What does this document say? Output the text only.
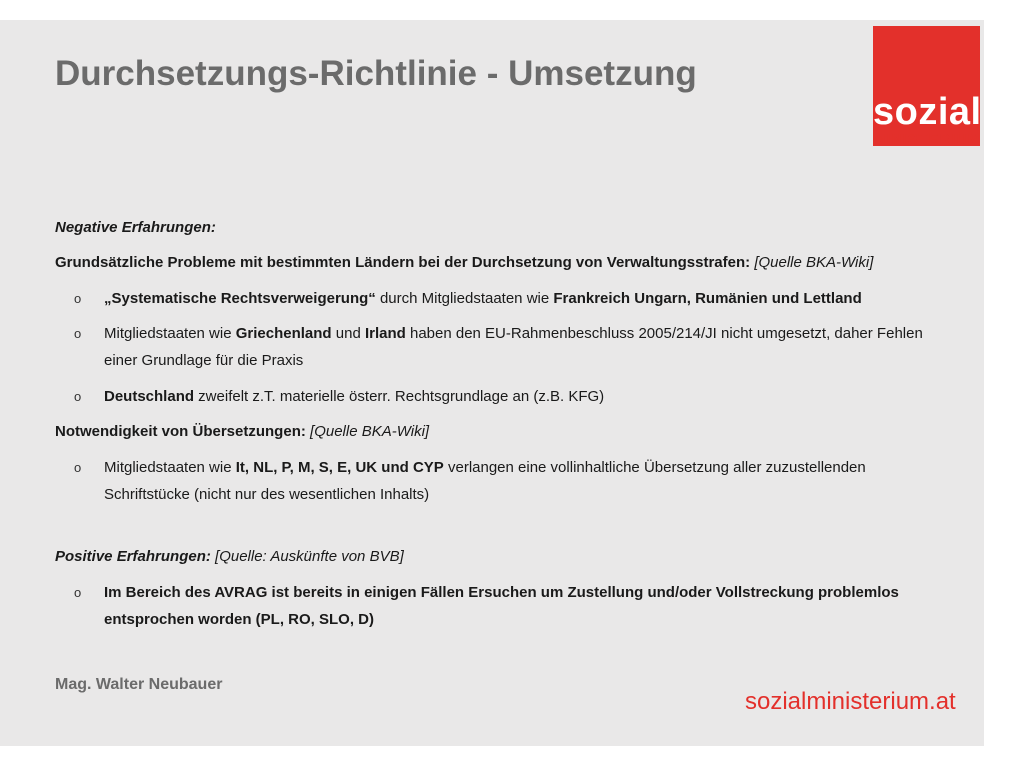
Durchsetzungs-Richtlinie - Umsetzung
sozial
MINISTERIUM
Negative Erfahrungen:
Grundsätzliche Probleme mit bestimmten Ländern bei der Durchsetzung von Verwaltungsstrafen: [Quelle BKA-Wiki]
o „Systematische Rechtsverweigerung“ durch Mitgliedstaaten wie Frankreich Ungarn, Rumänien und Lettland
o Mitgliedstaaten wie Griechenland und Irland haben den EU-Rahmenbeschluss 2005/214/JI nicht umgesetzt, daher Fehlen
einer Grundlage für die Praxis
o Deutschland zweifelt z.T. materielle österr. Rechtsgrundlage an (z.B. KFG)
Notwendigkeit von Übersetzungen: [Quelle BKA-Wiki]
o Mitgliedstaaten wie It, NL, P, M, S, E, UK und CYP verlangen eine vollinhaltliche Übersetzung aller zuzustellenden
Schriftstücke (nicht nur des wesentlichen Inhalts)
Positive Erfahrungen: [Quelle: Auskünfte von BVB]
o Im Bereich des AVRAG ist bereits in einigen Fällen Ersuchen um Zustellung und/oder Vollstreckung problemlos
entsprochen worden (PL, RO, SLO, D)
Mag. Walter Neubauer
sozialministerium.at
